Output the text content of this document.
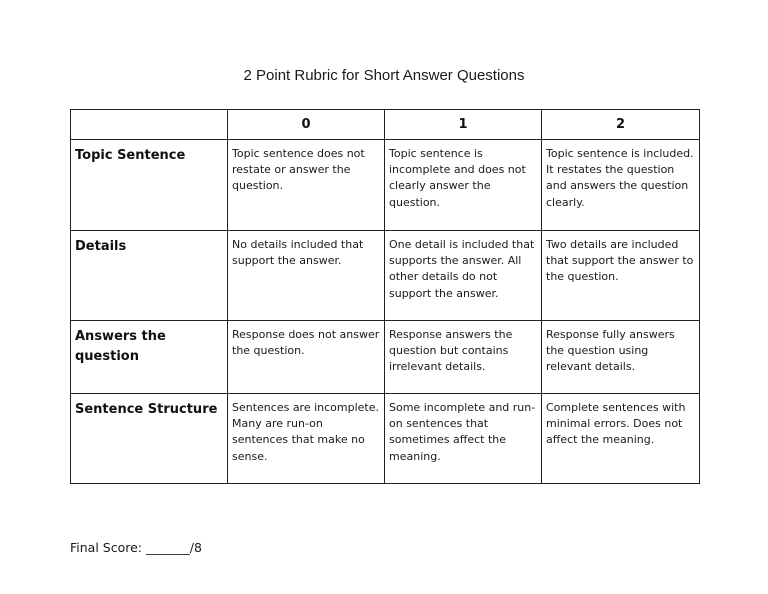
2 Point Rubric for Short Answer Questions
	0	1	2

Topic Sentence	Topic sentence does not restate or answer the question.	Topic sentence is incomplete and does not clearly answer the question.	Topic sentence is included. It restates the question and answers the question clearly.

Details	No details included that support the answer.	One detail is included that supports the answer. All other details do not support the answer.	Two details are included that support the answer to the question.

Answers the question	Response does not answer the question.	Response answers the question but contains irrelevant details.	Response fully answers the question using relevant details.

Sentence Structure	Sentences are incomplete. Many are run-on sentences that make no sense.	Some incomplete and run-on sentences that sometimes affect the meaning.	Complete sentences with minimal errors. Does not affect the meaning.
Final Score: _______/8
